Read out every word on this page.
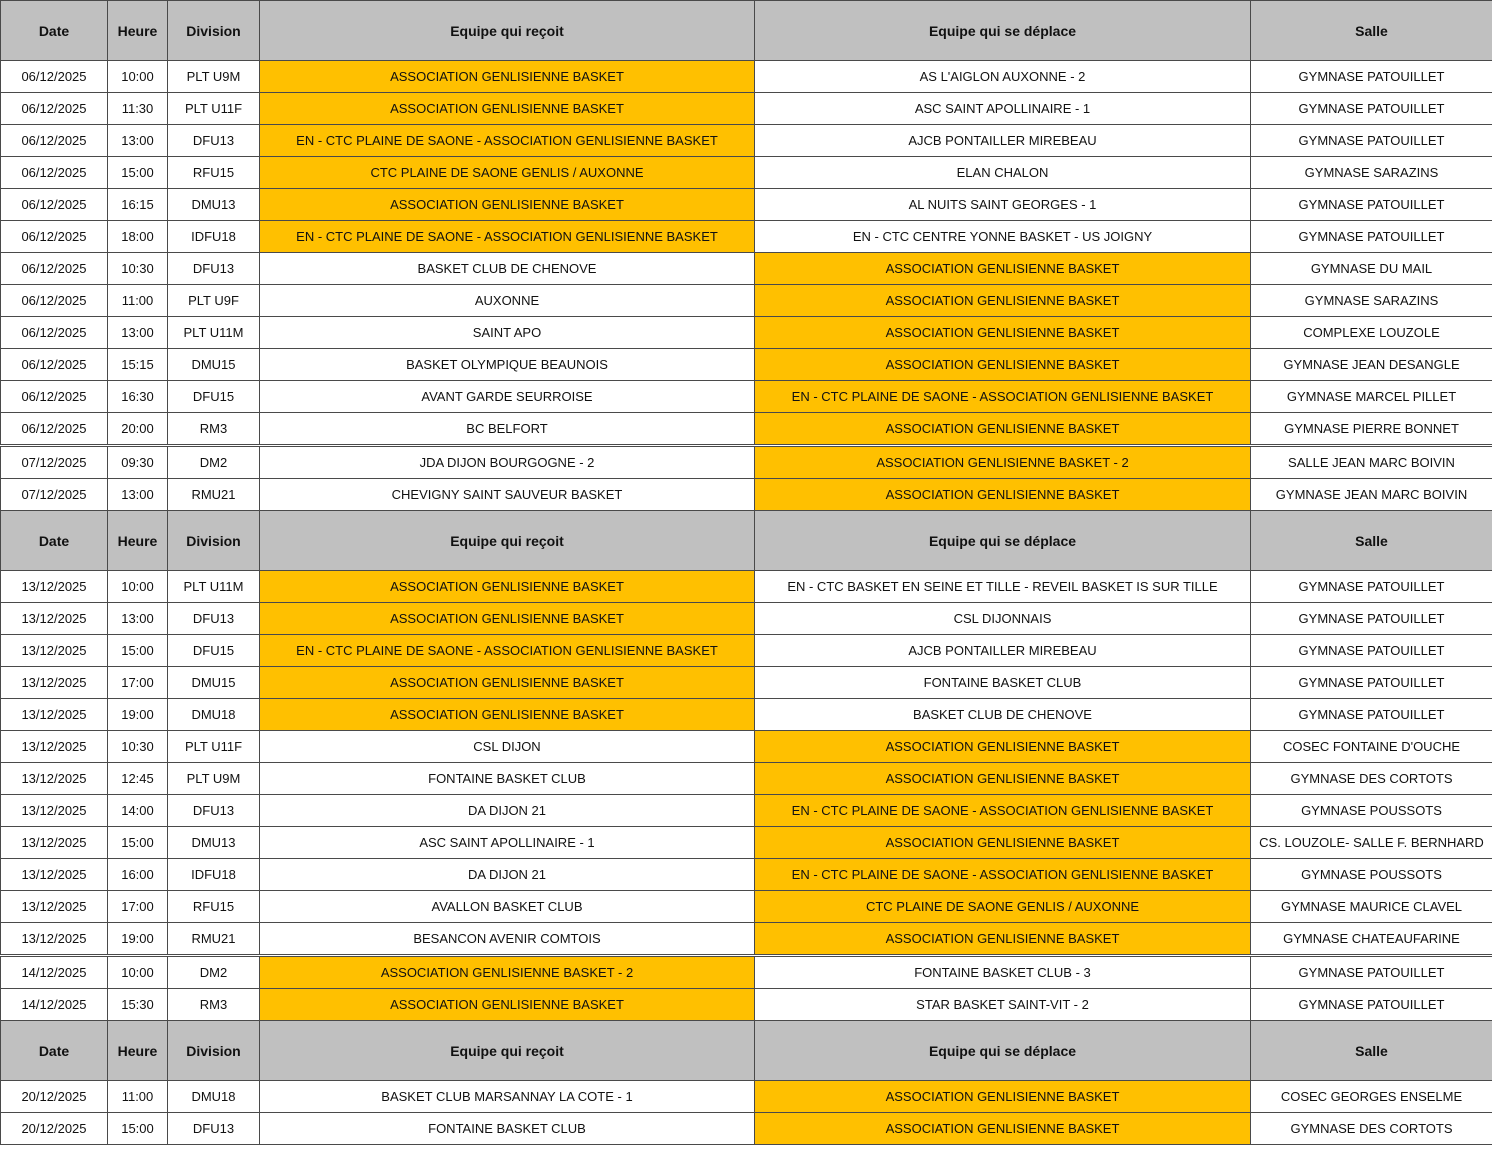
Date	Heure	Division	Equipe qui reçoit	Equipe qui se déplace	Salle
06/12/2025	10:00	PLT U9M	ASSOCIATION GENLISIENNE BASKET	AS L'AIGLON AUXONNE - 2	GYMNASE PATOUILLET
06/12/2025	11:30	PLT U11F	ASSOCIATION GENLISIENNE BASKET	ASC SAINT APOLLINAIRE - 1	GYMNASE PATOUILLET
06/12/2025	13:00	DFU13	EN - CTC PLAINE DE SAONE - ASSOCIATION GENLISIENNE BASKET	AJCB PONTAILLER MIREBEAU	GYMNASE PATOUILLET
06/12/2025	15:00	RFU15	CTC PLAINE DE SAONE GENLIS / AUXONNE	ELAN CHALON	GYMNASE SARAZINS
06/12/2025	16:15	DMU13	ASSOCIATION GENLISIENNE BASKET	AL NUITS SAINT GEORGES - 1	GYMNASE PATOUILLET
06/12/2025	18:00	IDFU18	EN - CTC PLAINE DE SAONE - ASSOCIATION GENLISIENNE BASKET	EN - CTC CENTRE YONNE BASKET - US JOIGNY	GYMNASE PATOUILLET
06/12/2025	10:30	DFU13	BASKET CLUB DE CHENOVE	ASSOCIATION GENLISIENNE BASKET	GYMNASE DU MAIL
06/12/2025	11:00	PLT U9F	AUXONNE	ASSOCIATION GENLISIENNE BASKET	GYMNASE SARAZINS
06/12/2025	13:00	PLT U11M	SAINT APO	ASSOCIATION GENLISIENNE BASKET	COMPLEXE LOUZOLE
06/12/2025	15:15	DMU15	BASKET OLYMPIQUE BEAUNOIS	ASSOCIATION GENLISIENNE BASKET	GYMNASE JEAN DESANGLE
06/12/2025	16:30	DFU15	AVANT GARDE SEURROISE	EN - CTC PLAINE DE SAONE - ASSOCIATION GENLISIENNE BASKET	GYMNASE MARCEL PILLET
06/12/2025	20:00	RM3	BC BELFORT	ASSOCIATION GENLISIENNE BASKET	GYMNASE PIERRE BONNET
07/12/2025	09:30	DM2	JDA DIJON BOURGOGNE - 2	ASSOCIATION GENLISIENNE BASKET - 2	SALLE JEAN MARC BOIVIN
07/12/2025	13:00	RMU21	CHEVIGNY SAINT SAUVEUR BASKET	ASSOCIATION GENLISIENNE BASKET	GYMNASE JEAN MARC BOIVIN
Date	Heure	Division	Equipe qui reçoit	Equipe qui se déplace	Salle
13/12/2025	10:00	PLT U11M	ASSOCIATION GENLISIENNE BASKET	EN - CTC BASKET EN SEINE ET TILLE - REVEIL BASKET IS SUR TILLE	GYMNASE PATOUILLET
13/12/2025	13:00	DFU13	ASSOCIATION GENLISIENNE BASKET	CSL DIJONNAIS	GYMNASE PATOUILLET
13/12/2025	15:00	DFU15	EN - CTC PLAINE DE SAONE - ASSOCIATION GENLISIENNE BASKET	AJCB PONTAILLER MIREBEAU	GYMNASE PATOUILLET
13/12/2025	17:00	DMU15	ASSOCIATION GENLISIENNE BASKET	FONTAINE BASKET CLUB	GYMNASE PATOUILLET
13/12/2025	19:00	DMU18	ASSOCIATION GENLISIENNE BASKET	BASKET CLUB DE CHENOVE	GYMNASE PATOUILLET
13/12/2025	10:30	PLT U11F	CSL DIJON	ASSOCIATION GENLISIENNE BASKET	COSEC FONTAINE D'OUCHE
13/12/2025	12:45	PLT U9M	FONTAINE BASKET CLUB	ASSOCIATION GENLISIENNE BASKET	GYMNASE DES CORTOTS
13/12/2025	14:00	DFU13	DA DIJON 21	EN - CTC PLAINE DE SAONE - ASSOCIATION GENLISIENNE BASKET	GYMNASE POUSSOTS
13/12/2025	15:00	DMU13	ASC SAINT APOLLINAIRE - 1	ASSOCIATION GENLISIENNE BASKET	CS. LOUZOLE- SALLE F. BERNHARD
13/12/2025	16:00	IDFU18	DA DIJON 21	EN - CTC PLAINE DE SAONE - ASSOCIATION GENLISIENNE BASKET	GYMNASE POUSSOTS
13/12/2025	17:00	RFU15	AVALLON BASKET CLUB	CTC PLAINE DE SAONE GENLIS / AUXONNE	GYMNASE MAURICE CLAVEL
13/12/2025	19:00	RMU21	BESANCON AVENIR COMTOIS	ASSOCIATION GENLISIENNE BASKET	GYMNASE CHATEAUFARINE
14/12/2025	10:00	DM2	ASSOCIATION GENLISIENNE BASKET - 2	FONTAINE BASKET CLUB - 3	GYMNASE PATOUILLET
14/12/2025	15:30	RM3	ASSOCIATION GENLISIENNE BASKET	STAR BASKET SAINT-VIT - 2	GYMNASE PATOUILLET
Date	Heure	Division	Equipe qui reçoit	Equipe qui se déplace	Salle
20/12/2025	11:00	DMU18	BASKET CLUB MARSANNAY LA COTE - 1	ASSOCIATION GENLISIENNE BASKET	COSEC GEORGES ENSELME
20/12/2025	15:00	DFU13	FONTAINE BASKET CLUB	ASSOCIATION GENLISIENNE BASKET	GYMNASE DES CORTOTS
